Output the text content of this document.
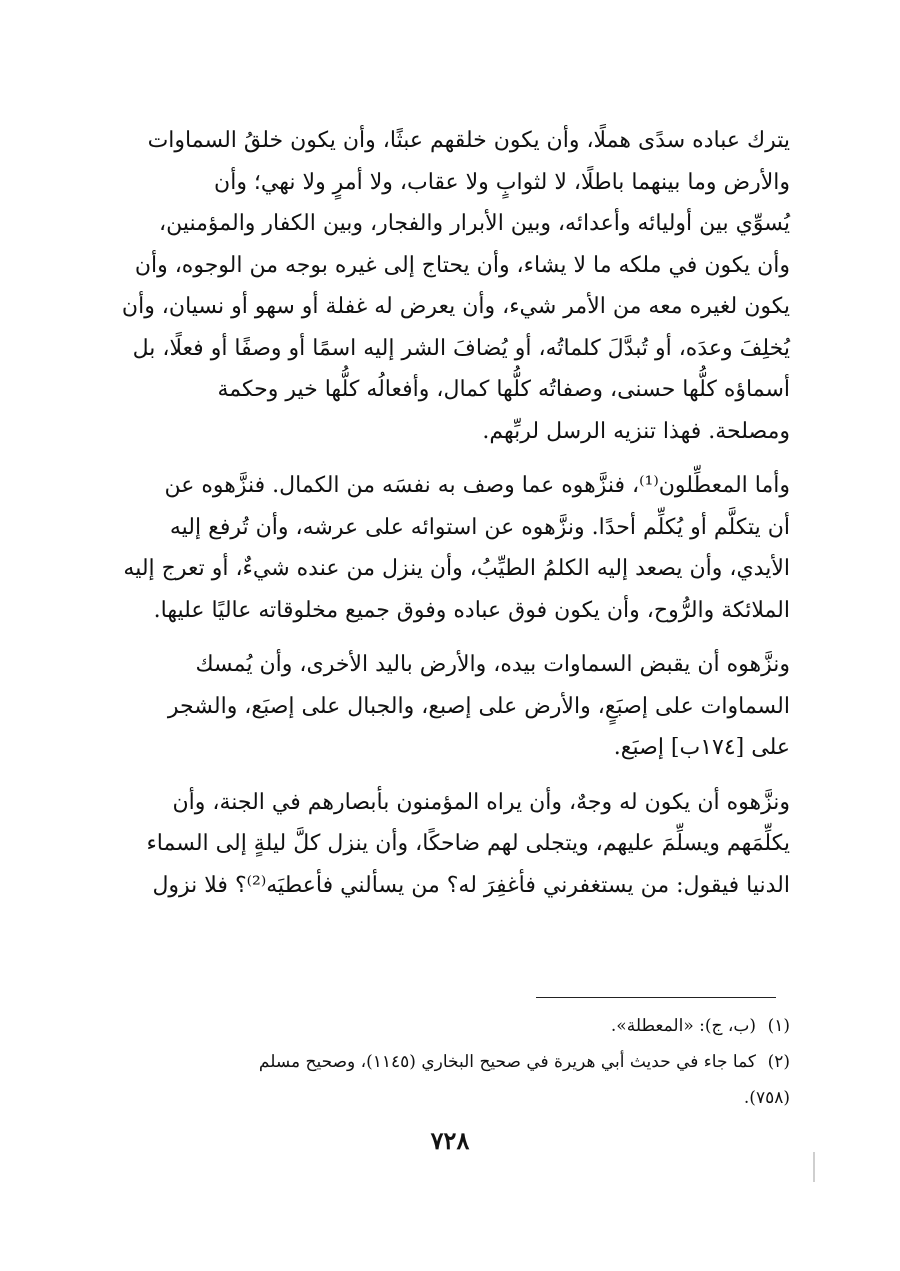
يترك عباده سدًى هملًا، وأن يكون خلقهم عبثًا، وأن يكون خلقُ السماوات

والأرض وما بينهما باطلًا، لا لثوابٍ ولا عقاب، ولا أمرٍ ولا نهي؛ وأن

يُسوِّي بين أوليائه وأعدائه، وبين الأبرار والفجار، وبين الكفار والمؤمنين،

وأن يكون في ملكه ما لا يشاء، وأن يحتاج إلى غيره بوجه من الوجوه، وأن

يكون لغيره معه من الأمر شيء، وأن يعرض له غفلة أو سهو أو نسيان، وأن

يُخلِفَ وعدَه، أو تُبدَّلَ كلماتُه، أو يُضافَ الشر إليه اسمًا أو وصفًا أو فعلًا، بل

أسماؤه كلُّها حسنى، وصفاتُه كلُّها كمال، وأفعالُه كلُّها خير وحكمة

ومصلحة. فهذا تنزيه الرسل لربِّهم.

وأما المعطِّلون⁽¹⁾، فنزَّهوه عما وصف به نفسَه من الكمال. فنزَّهوه عن

أن يتكلَّم أو يُكلِّم أحدًا. ونزَّهوه عن استوائه على عرشه، وأن تُرفع إليه

الأيدي، وأن يصعد إليه الكلمُ الطيِّبُ، وأن ينزل من عنده شيءٌ، أو تعرج إليه

الملائكة والرُّوح، وأن يكون فوق عباده وفوق جميع مخلوقاته عاليًا عليها.

ونزَّهوه أن يقبض السماوات بيده، والأرض باليد الأخرى، وأن يُمسك

السماوات على إصبَعٍ، والأرض على إصبع، والجبال على إصبَع، والشجر

على [١٧٤ب] إصبَع.

ونزَّهوه أن يكون له وجهٌ، وأن يراه المؤمنون بأبصارهم في الجنة، وأن

يكلِّمَهم ويسلِّمَ عليهم، ويتجلى لهم ضاحكًا، وأن ينزل كلَّ ليلةٍ إلى السماء

الدنيا فيقول: من يستغفرني فأغفِرَ له؟ من يسألني فأعطيَه⁽²⁾؟ فلا نزول

(١)(ب، ج): «المعطلة».

(٢)كما جاء في حديث أبي هريرة في صحيح البخاري (١١٤٥)، وصحيح مسلم

(٧٥٨).

٧٢٨
